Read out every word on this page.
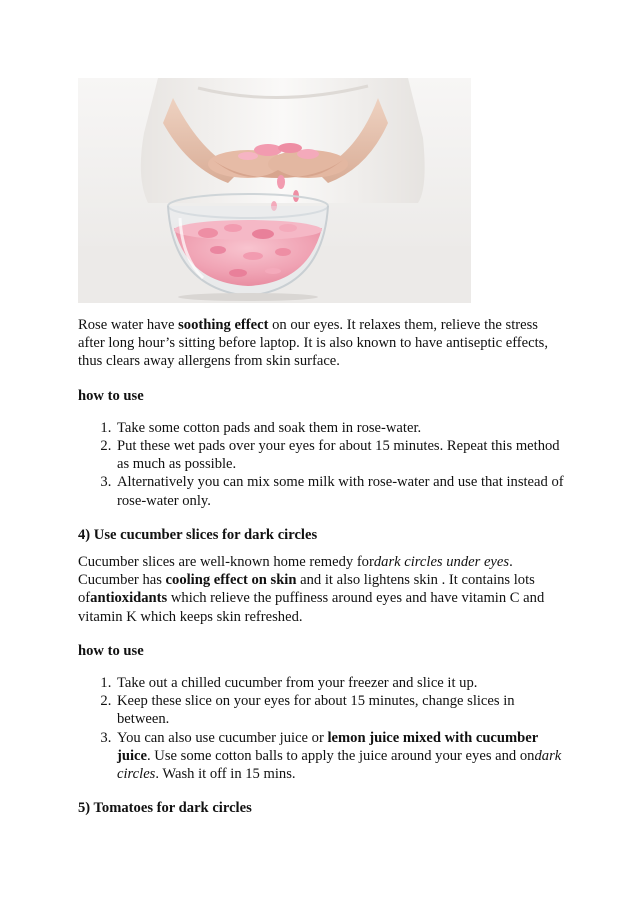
Rose water have soothing effect on our eyes. It relaxes them, relieve the stress after long hour’s sitting before laptop. It is also known to have antiseptic effects, thus clears away allergens from skin surface.

how to use

1. Take some cotton pads and soak them in rose-water.
2. Put these wet pads over your eyes for about 15 minutes. Repeat this method as much as possible.
3. Alternatively you can mix some milk with rose-water and use that instead of rose-water only.

4) Use cucumber slices for dark circles

Cucumber slices are well-known home remedy fordark circles under eyes. Cucumber has cooling effect on skin and it also lightens skin . It contains lots ofantioxidants which relieve the puffiness around eyes and have vitamin C and vitamin K which keeps skin refreshed.

how to use

1. Take out a chilled cucumber from your freezer and slice it up.
2. Keep these slice on your eyes for about 15 minutes, change slices in between.
3. You can also use cucumber juice or lemon juice mixed with cucumber juice. Use some cotton balls to apply the juice around your eyes and ondark circles. Wash it off in 15 mins.

5) Tomatoes for dark circles
